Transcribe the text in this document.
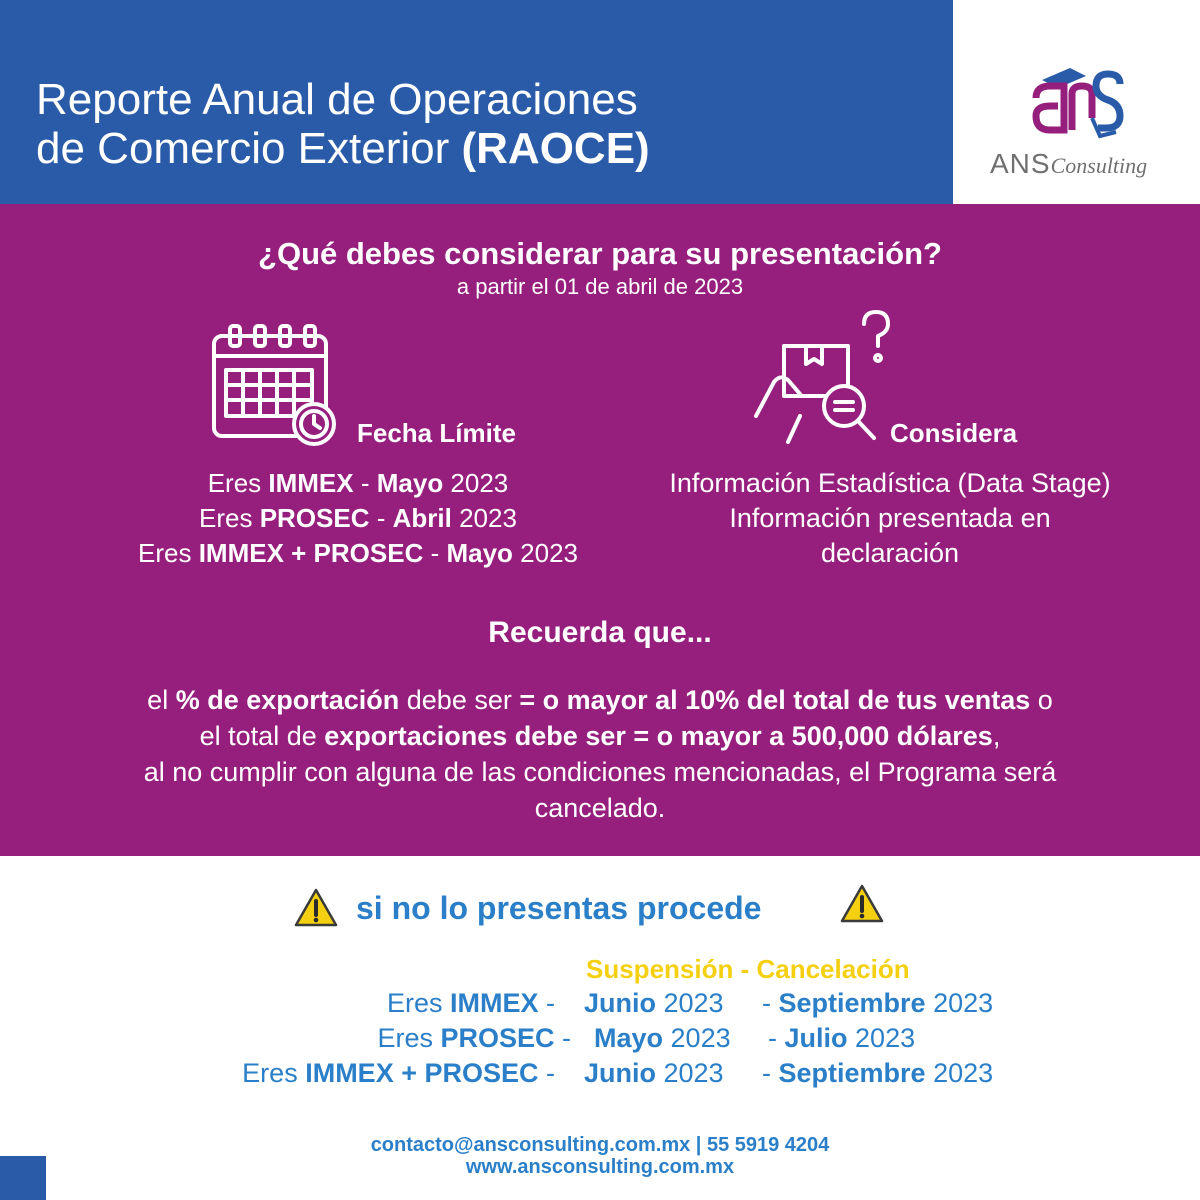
Reporte Anual de Operaciones
de Comercio Exterior (RAOCE)	ANSConsulting
¿Qué debes considerar para su presentación?
a partir el 01 de abril de 2023
Fecha Límite	Considera
Eres IMMEX - Mayo 2023
Eres PROSEC - Abril 2023
Eres IMMEX + PROSEC - Mayo 2023
Información Estadística (Data Stage)
Información presentada en
declaración
Recuerda que...
el % de exportación debe ser = o mayor al 10% del total de tus ventas o
el total de exportaciones debe ser = o mayor a 500,000 dólares,
al no cumplir con alguna de las condiciones mencionadas, el Programa será
cancelado.
si no lo presentas procede
Suspensión - Cancelación
Eres IMMEX - Junio 2023 - Septiembre 2023
Eres PROSEC - Mayo 2023 - Julio 2023
Eres IMMEX + PROSEC - Junio 2023 - Septiembre 2023
contacto@ansconsulting.com.mx | 55 5919 4204
www.ansconsulting.com.mx
